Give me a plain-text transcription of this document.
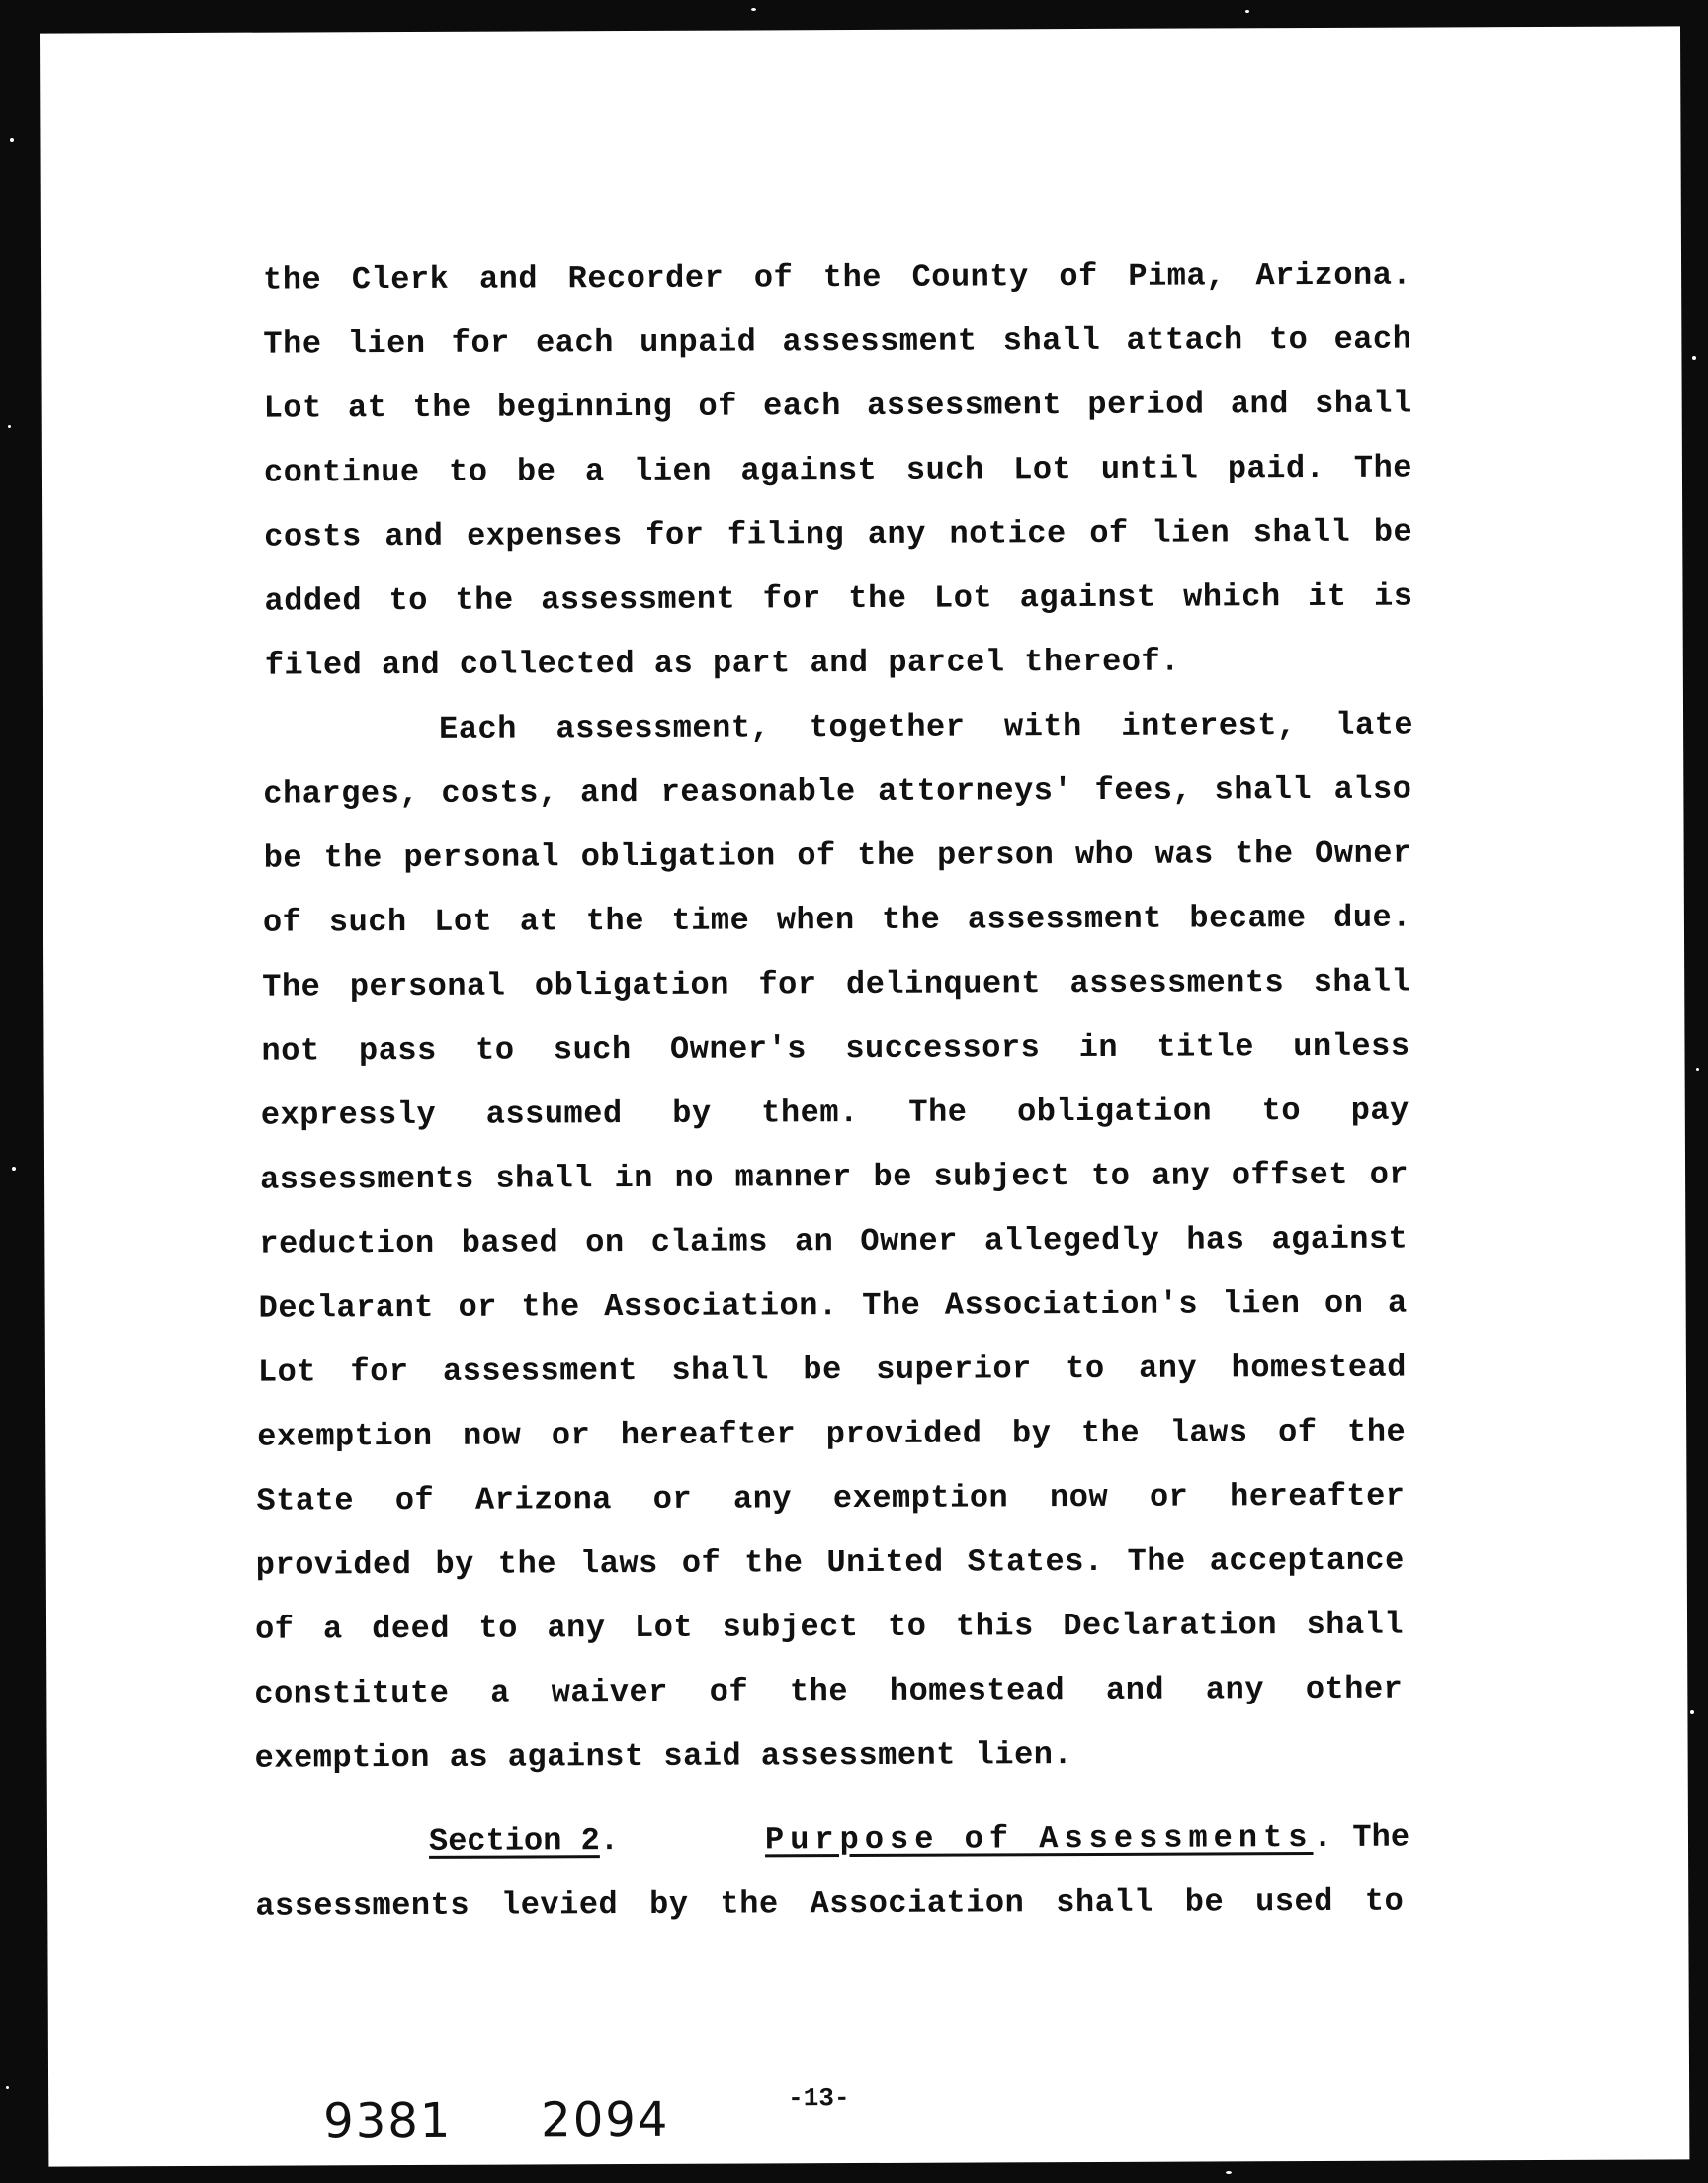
the Clerk and Recorder of the County of Pima, Arizona.
The lien for each unpaid assessment shall attach to each
Lot at the beginning of each assessment period and shall
continue to be a lien against such Lot until paid. The
costs and expenses for filing any notice of lien shall be
added to the assessment for the Lot against which it is
filed and collected as part and parcel thereof.
Each assessment, together with interest, late
charges, costs, and reasonable attorneys' fees, shall also
be the personal obligation of the person who was the Owner
of such Lot at the time when the assessment became due.
The personal obligation for delinquent assessments shall
not pass to such Owner's successors in title unless
expressly assumed by them. The obligation to pay
assessments shall in no manner be subject to any offset or
reduction based on claims an Owner allegedly has against
Declarant or the Association. The Association's lien on a
Lot for assessment shall be superior to any homestead
exemption now or hereafter provided by the laws of the
State of Arizona or any exemption now or hereafter
provided by the laws of the United States. The acceptance
of a deed to any Lot subject to this Declaration shall
constitute a waiver of the homestead and any other
exemption as against said assessment lien.
Section 2.	Purpose of Assessments. The
assessments levied by the Association shall be used to
9381 2094	-13-
